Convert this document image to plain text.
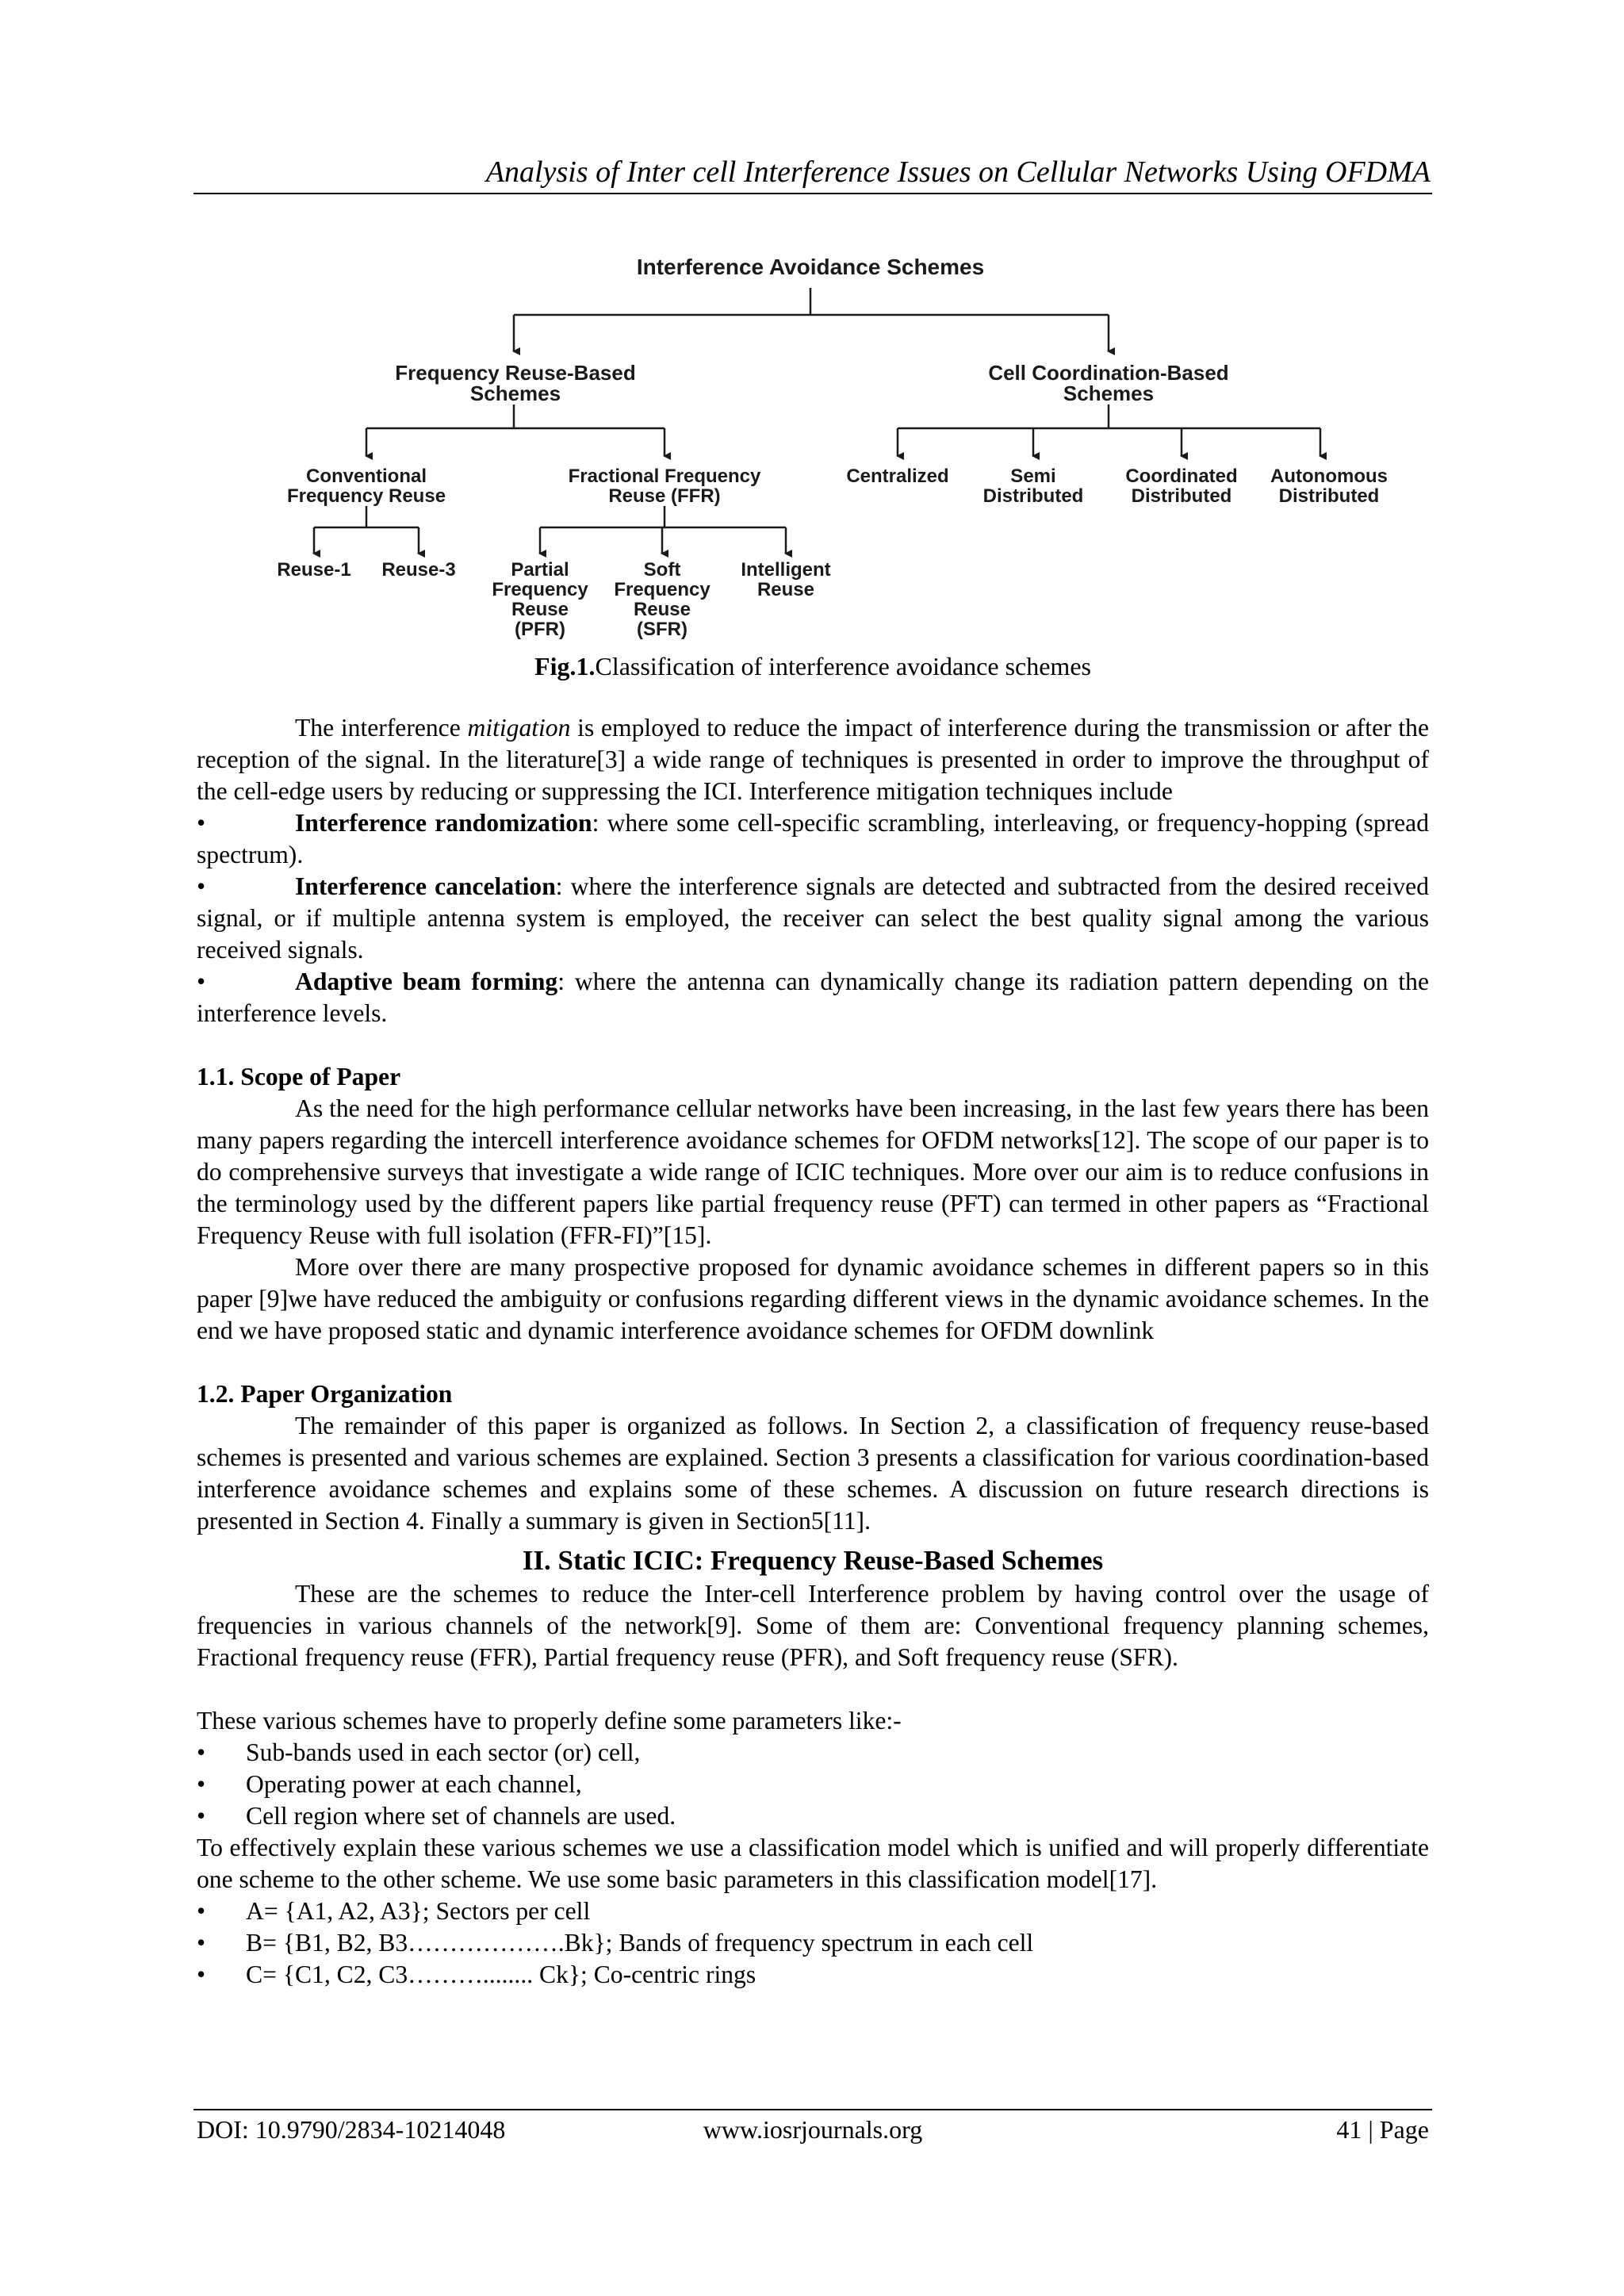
Analysis of Inter cell Interference Issues on Cellular Networks Using OFDMA
Interference Avoidance Schemes
Frequency Reuse-Based
Schemes
Cell Coordination-Based
Schemes
Conventional
Frequency Reuse
Fractional Frequency
Reuse (FFR)
Centralized	Semi
Distributed
Coordinated
Distributed
Autonomous
Distributed
Reuse-1 Reuse-3	Partial
Frequency
Reuse
(PFR)
Soft
Frequency
Reuse
(SFR)
Intelligent
Reuse
Fig.1.Classification of interference avoidance schemes

The interference mitigation is employed to reduce the impact of interference during the transmission or after the reception of the signal. In the literature[3] a wide range of techniques is presented in order to improve the throughput of the cell-edge users by reducing or suppressing the ICI. Interference mitigation techniques include

•	Interference randomization: where some cell-specific scrambling, interleaving, or frequency-hopping (spread spectrum).

•	Interference cancelation: where the interference signals are detected and subtracted from the desired received signal, or if multiple antenna system is employed, the receiver can select the best quality signal among the various received signals.

•	Adaptive beam forming: where the antenna can dynamically change its radiation pattern depending on the interference levels.

1.1. Scope of Paper

As the need for the high performance cellular networks have been increasing, in the last few years there has been many papers regarding the intercell interference avoidance schemes for OFDM networks[12]. The scope of our paper is to do comprehensive surveys that investigate a wide range of ICIC techniques. More over our aim is to reduce confusions in the terminology used by the different papers like partial frequency reuse (PFT) can termed in other papers as “Fractional Frequency Reuse with full isolation (FFR-FI)”[15].

More over there are many prospective proposed for dynamic avoidance schemes in different papers so in this paper [9]we have reduced the ambiguity or confusions regarding different views in the dynamic avoidance schemes. In the end we have proposed static and dynamic interference avoidance schemes for OFDM downlink

1.2. Paper Organization

The remainder of this paper is organized as follows. In Section 2, a classification of frequency reuse-based schemes is presented and various schemes are explained. Section 3 presents a classification for various coordination-based interference avoidance schemes and explains some of these schemes. A discussion on future research directions is presented in Section 4. Finally a summary is given in Section5[11].

II. Static ICIC: Frequency Reuse-Based Schemes

These are the schemes to reduce the Inter-cell Interference problem by having control over the usage of frequencies in various channels of the network[9]. Some of them are: Conventional frequency planning schemes, Fractional frequency reuse (FFR), Partial frequency reuse (PFR), and Soft frequency reuse (SFR).

These various schemes have to properly define some parameters like:-

• Sub-bands used in each sector (or) cell,

• Operating power at each channel,

• Cell region where set of channels are used.

To effectively explain these various schemes we use a classification model which is unified and will properly differentiate one scheme to the other scheme. We use some basic parameters in this classification model[17].

• A= {A1, A2, A3}; Sectors per cell

• B= {B1, B2, B3……………….Bk}; Bands of frequency spectrum in each cell

• C= {C1, C2, C3………........ Ck}; Co-centric rings

DOI: 10.9790/2834-10214048	www.iosrjournals.org	41 | Page
